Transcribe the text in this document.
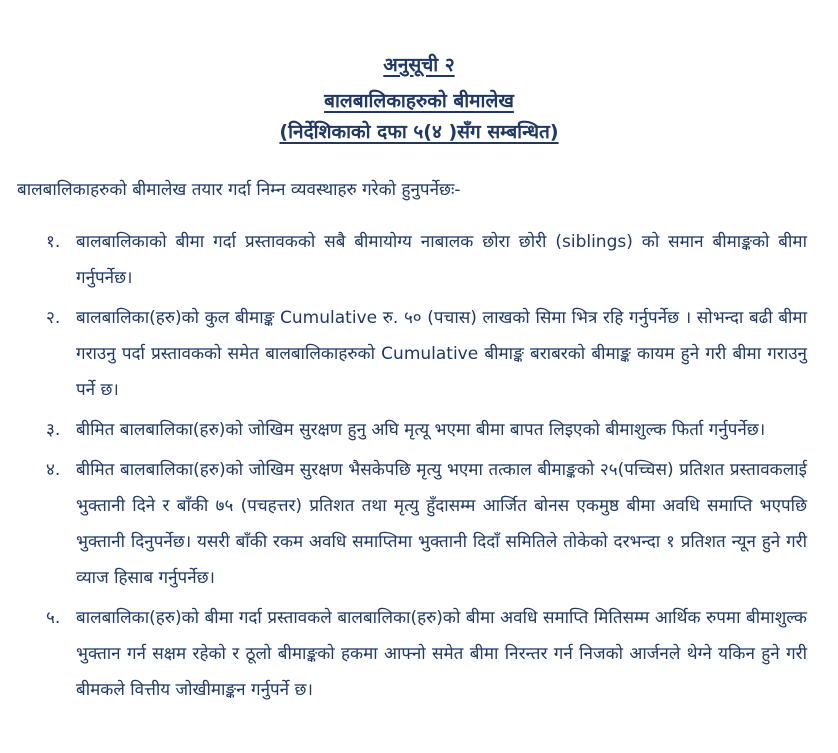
अनुसूची २
बालबालिकाहरुको बीमालेख
(निर्देशिकाको दफा ५(४ )सँग सम्बन्धित)
बालबालिकाहरुको बीमालेख तयार गर्दा निम्न व्यवस्थाहरु गरेको हुनुपर्नेछः-
१. बालबालिकाको बीमा गर्दा प्रस्तावकको सबै बीमायोग्य नाबालक छोरा छोरी (siblings) को समान बीमाङ्कको बीमा गर्नुपर्नेछ।
२. बालबालिका(हरु)को कुल बीमाङ्क Cumulative रु. ५० (पचास) लाखको सिमा भित्र रहि गर्नुपर्नेछ । सोभन्दा बढी बीमा गराउनु पर्दा प्रस्तावकको समेत बालबालिकाहरुको Cumulative बीमाङ्क बराबरको बीमाङ्क कायम हुने गरी बीमा गराउनु पर्ने छ।
३. बीमित बालबालिका(हरु)को जोखिम सुरक्षण हुनु अघि मृत्यू भएमा बीमा बापत लिइएको बीमाशुल्क फिर्ता गर्नुपर्नेछ।
४. बीमित बालबालिका(हरु)को जोखिम सुरक्षण भैसकेपछि मृत्यु भएमा तत्काल बीमाङ्कको २५(पच्चिस) प्रतिशत प्रस्तावकलाई भुक्तानी दिने र बाँकी ७५ (पचहत्तर) प्रतिशत तथा मृत्यु हुँदासम्म आर्जित बोनस एकमुष्ठ बीमा अवधि समाप्ति भएपछि भुक्तानी दिनुपर्नेछ। यसरी बाँकी रकम अवधि समाप्तिमा भुक्तानी दिदाँ समितिले तोकेको दरभन्दा १ प्रतिशत न्यून हुने गरी व्याज हिसाब गर्नुपर्नेछ।
५. बालबालिका(हरु)को बीमा गर्दा प्रस्तावकले बालबालिका(हरु)को बीमा अवधि समाप्ति मितिसम्म आर्थिक रुपमा बीमाशुल्क भुक्तान गर्न सक्षम रहेको र ठूलो बीमाङ्कको हकमा आफ्नो समेत बीमा निरन्तर गर्न निजको आर्जनले थेग्ने यकिन हुने गरी बीमकले वित्तीय जोखीमाङ्कन गर्नुपर्ने छ।
